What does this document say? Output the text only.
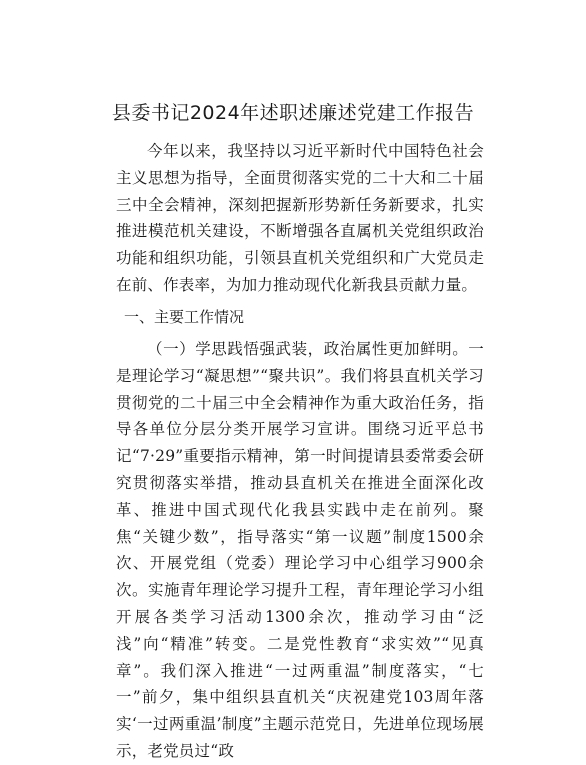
县委书记2024年述职述廉述党建工作报告

今年以来，我坚持以习近平新时代中国特色社会主义思想为指导，全面贯彻落实党的二十大和二十届三中全会精神，深刻把握新形势新任务新要求，扎实推进模范机关建设，不断增强各直属机关党组织政治功能和组织功能，引领县直机关党组织和广大党员走在前、作表率，为加力推动现代化新我县贡献力量。

一、主要工作情况

（一）学思践悟强武装，政治属性更加鲜明。一是理论学习“凝思想”“聚共识”。我们将县直机关学习贯彻党的二十届三中全会精神作为重大政治任务，指导各单位分层分类开展学习宣讲。围绕习近平总书记“7·29”重要指示精神，第一时间提请县委常委会研究贯彻落实举措，推动县直机关在推进全面深化改革、推进中国式现代化我县实践中走在前列。聚焦“关键少数”，指导落实“第一议题”制度1500余次、开展党组（党委）理论学习中心组学习900余次。实施青年理论学习提升工程，青年理论学习小组开展各类学习活动1300余次，推动学习由“泛浅”向“精准”转变。二是党性教育“求实效”“见真章”。我们深入推进“一过两重温”制度落实，“七一”前夕，集中组织县直机关“庆祝建党103周年落实‘一过两重温’制度”主题示范党日，先进单位现场展示，老党员过“政
